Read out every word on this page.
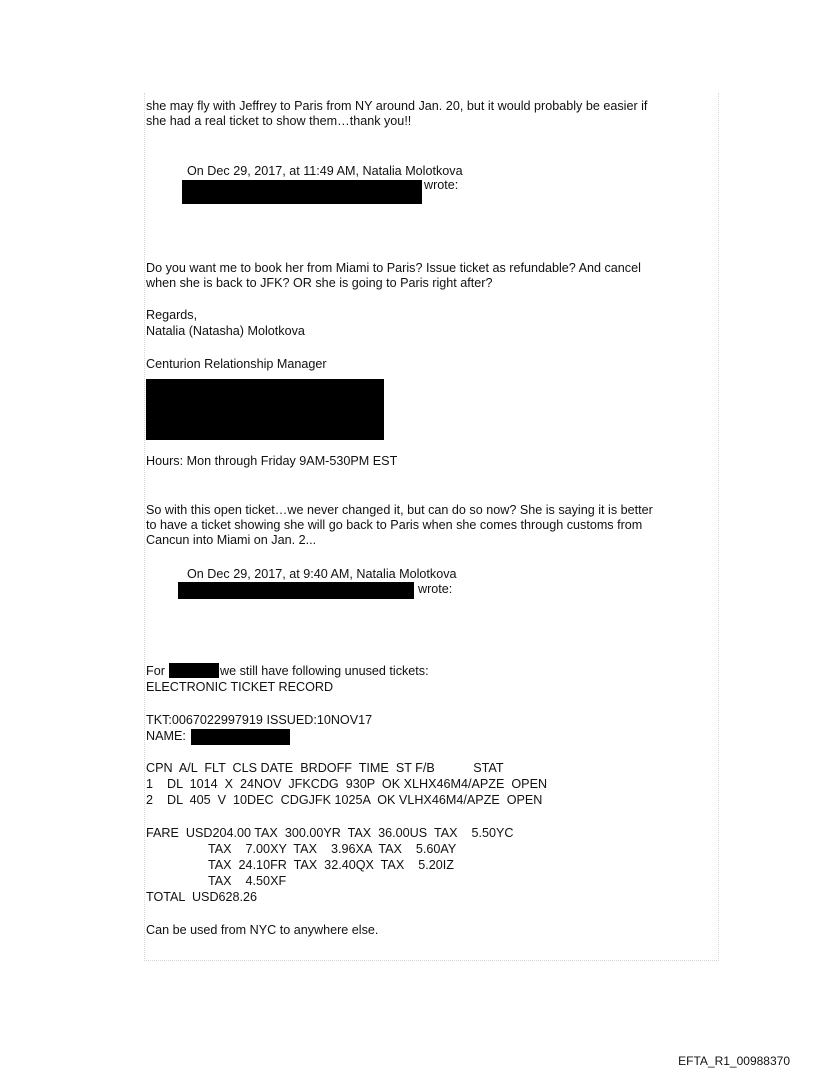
she may fly with Jeffrey to Paris from NY around Jan. 20, but it would probably be easier if
she had a real ticket to show them…thank you!!
On Dec 29, 2017, at 11:49 AM, Natalia Molotkova
wrote:
Do you want me to book her from Miami to Paris? Issue ticket as refundable? And cancel
when she is back to JFK? OR she is going to Paris right after?
Regards,
Natalia (Natasha) Molotkova
Centurion Relationship Manager
Hours: Mon through Friday 9AM-530PM EST
So with this open ticket…we never changed it, but can do so now? She is saying it is better
to have a ticket showing she will go back to Paris when she comes through customs from
Cancun into Miami on Jan. 2...
On Dec 29, 2017, at 9:40 AM, Natalia Molotkova
wrote:
For	we still have following unused tickets:
ELECTRONIC TICKET RECORD
TKT:0067022997919 ISSUED:10NOV17
NAME:
CPN  A/L  FLT  CLS DATE  BRDOFF  TIME  ST F/B           STAT
1    DL  1014  X  24NOV  JFKCDG  930P  OK XLHX46M4/APZE  OPEN
2    DL  405  V  10DEC  CDGJFK 1025A  OK VLHX46M4/APZE  OPEN
FARE  USD204.00 TAX  300.00YR  TAX  36.00US  TAX    5.50YC
TAX    7.00XY  TAX    3.96XA  TAX    5.60AY
TAX  24.10FR  TAX  32.40QX  TAX    5.20IZ
TAX    4.50XF
TOTAL  USD628.26
Can be used from NYC to anywhere else.
EFTA_R1_00988370
